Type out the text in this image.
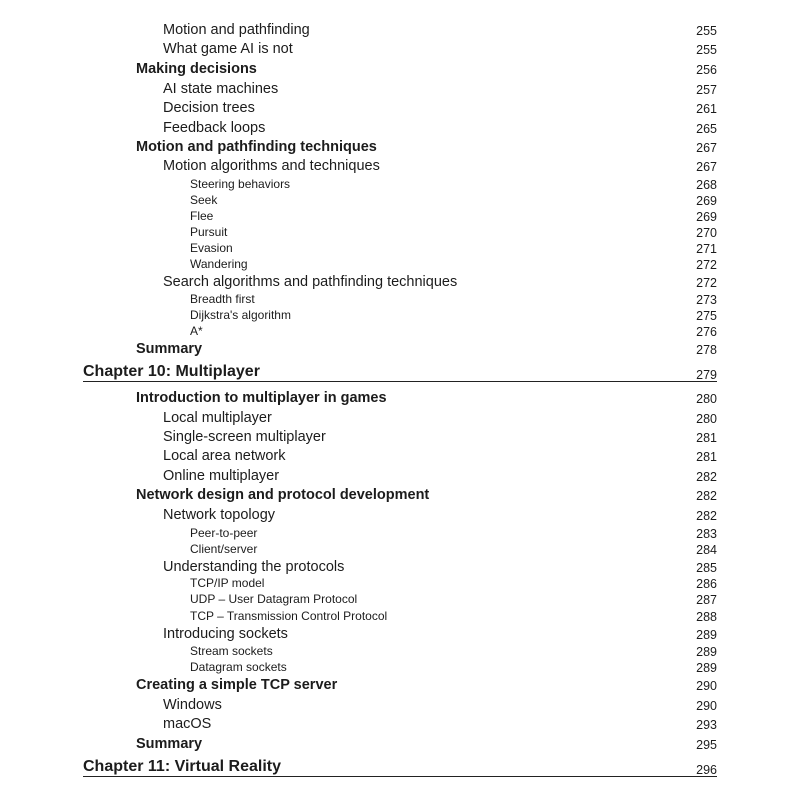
Motion and pathfinding	255
What game AI is not	255
Making decisions	256
AI state machines	257
Decision trees	261
Feedback loops	265
Motion and pathfinding techniques	267
Motion algorithms and techniques	267
Steering behaviors	268
Seek	269
Flee	269
Pursuit	270
Evasion	271
Wandering	272
Search algorithms and pathfinding techniques	272
Breadth first	273
Dijkstra's algorithm	275
A*	276
Summary	278
Chapter 10: Multiplayer	279
Introduction to multiplayer in games	280
Local multiplayer	280
Single-screen multiplayer	281
Local area network	281
Online multiplayer	282
Network design and protocol development	282
Network topology	282
Peer-to-peer	283
Client/server	284
Understanding the protocols	285
TCP/IP model	286
UDP – User Datagram Protocol	287
TCP – Transmission Control Protocol	288
Introducing sockets	289
Stream sockets	289
Datagram sockets	289
Creating a simple TCP server	290
Windows	290
macOS	293
Summary	295
Chapter 11: Virtual Reality	296
